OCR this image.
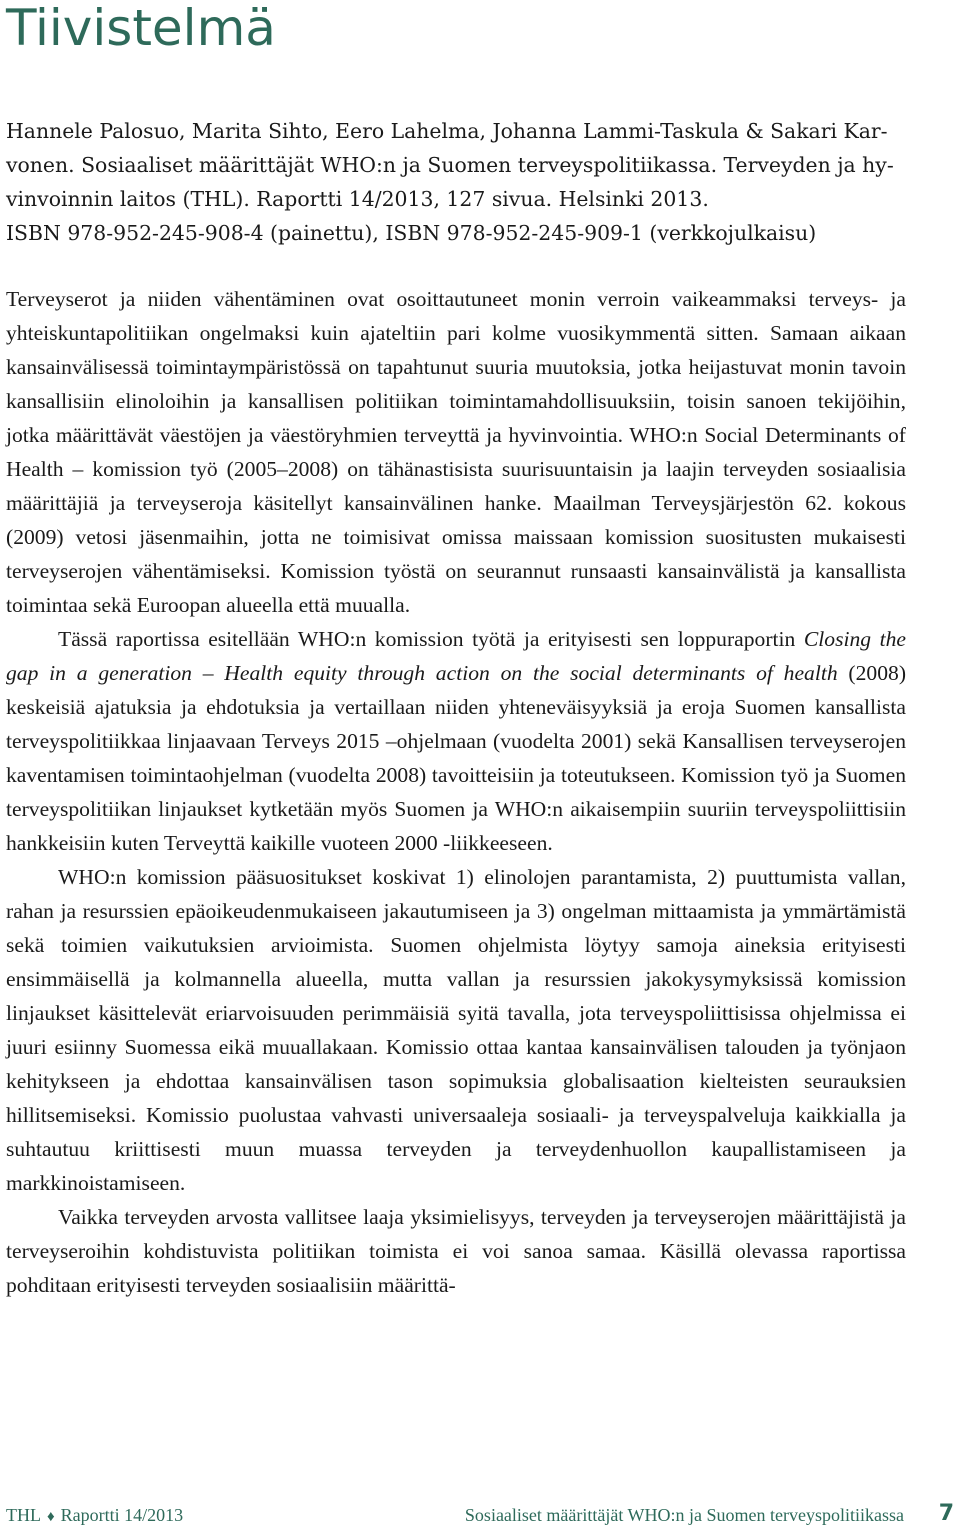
Tiivistelmä
Hannele Palosuo, Marita Sihto, Eero Lahelma, Johanna Lammi-Taskula & Sakari Kar-
vonen. Sosiaaliset määrittäjät WHO:n ja Suomen terveyspolitiikassa. Terveyden ja hy-
vinvoinnin laitos (THL). Raportti 14/2013, 127 sivua. Helsinki 2013.
ISBN 978-952-245-908-4 (painettu), ISBN 978-952-245-909-1 (verkkojulkaisu)

Terveyserot ja niiden vähentäminen ovat osoittautuneet monin verroin vaikeammaksi terveys- ja yhteiskuntapolitiikan ongelmaksi kuin ajateltiin pari kolme vuosikymmentä sitten. Samaan aikaan kansainvälisessä toimintaympäristössä on tapahtunut suuria muutoksia, jotka heijastuvat monin tavoin kansallisiin elinoloihin ja kansallisen politiikan toimintamahdollisuuksiin, toisin sanoen tekijöihin, jotka määrittävät väestöjen ja väestöryhmien terveyttä ja hyvinvointia. WHO:n Social Determinants of Health – komission työ (2005–2008) on tähänastisista suurisuuntaisin ja laajin terveyden sosiaalisia määrittäjiä ja terveyseroja käsitellyt kansainvälinen hanke. Maailman Terveysjärjestön 62. kokous (2009) vetosi jäsenmaihin, jotta ne toimisivat omissa maissaan komission suositusten mukaisesti terveyserojen vähentämiseksi. Komission työstä on seurannut runsaasti kansainvälistä ja kansallista toimintaa sekä Euroopan alueella että muualla.

Tässä raportissa esitellään WHO:n komission työtä ja erityisesti sen loppuraportin Closing the gap in a generation – Health equity through action on the social determinants of health (2008) keskeisiä ajatuksia ja ehdotuksia ja vertaillaan niiden yhteneväisyyksiä ja eroja Suomen kansallista terveyspolitiikkaa linjaavaan Terveys 2015 –ohjelmaan (vuodelta 2001) sekä Kansallisen terveyserojen kaventamisen toimintaohjelman (vuodelta 2008) tavoitteisiin ja toteutukseen. Komission työ ja Suomen terveyspolitiikan linjaukset kytketään myös Suomen ja WHO:n aikaisempiin suuriin terveyspoliittisiin hankkeisiin kuten Terveyttä kaikille vuoteen 2000 -liikkeeseen.

WHO:n komission pääsuositukset koskivat 1) elinolojen parantamista, 2) puuttumista vallan, rahan ja resurssien epäoikeudenmukaiseen jakautumiseen ja 3) ongelman mittaamista ja ymmärtämistä sekä toimien vaikutuksien arvioimista. Suomen ohjelmista löytyy samoja aineksia erityisesti ensimmäisellä ja kolmannella alueella, mutta vallan ja resurssien jakokysymyksissä komission linjaukset käsittelevät eriarvoisuuden perimmäisiä syitä tavalla, jota terveyspoliittisissa ohjelmissa ei juuri esiinny Suomessa eikä muuallakaan. Komissio ottaa kantaa kansainvälisen talouden ja työnjaon kehitykseen ja ehdottaa kansainvälisen tason sopimuksia globalisaation kielteisten seurauksien hillitsemiseksi. Komissio puolustaa vahvasti universaaleja sosiaali- ja terveyspalveluja kaikkialla ja suhtautuu kriittisesti muun muassa terveyden ja terveydenhuollon kaupallistamiseen ja markkinoistamiseen.

Vaikka terveyden arvosta vallitsee laaja yksimielisyys, terveyden ja terveyserojen määrittäjistä ja terveyseroihin kohdistuvista politiikan toimista ei voi sanoa samaa. Käsillä olevassa raportissa pohditaan erityisesti terveyden sosiaalisiin määrittä-

THL ♦ Raportti 14/2013	Sosiaaliset määrittäjät WHO:n ja Suomen terveyspolitiikassa 7
